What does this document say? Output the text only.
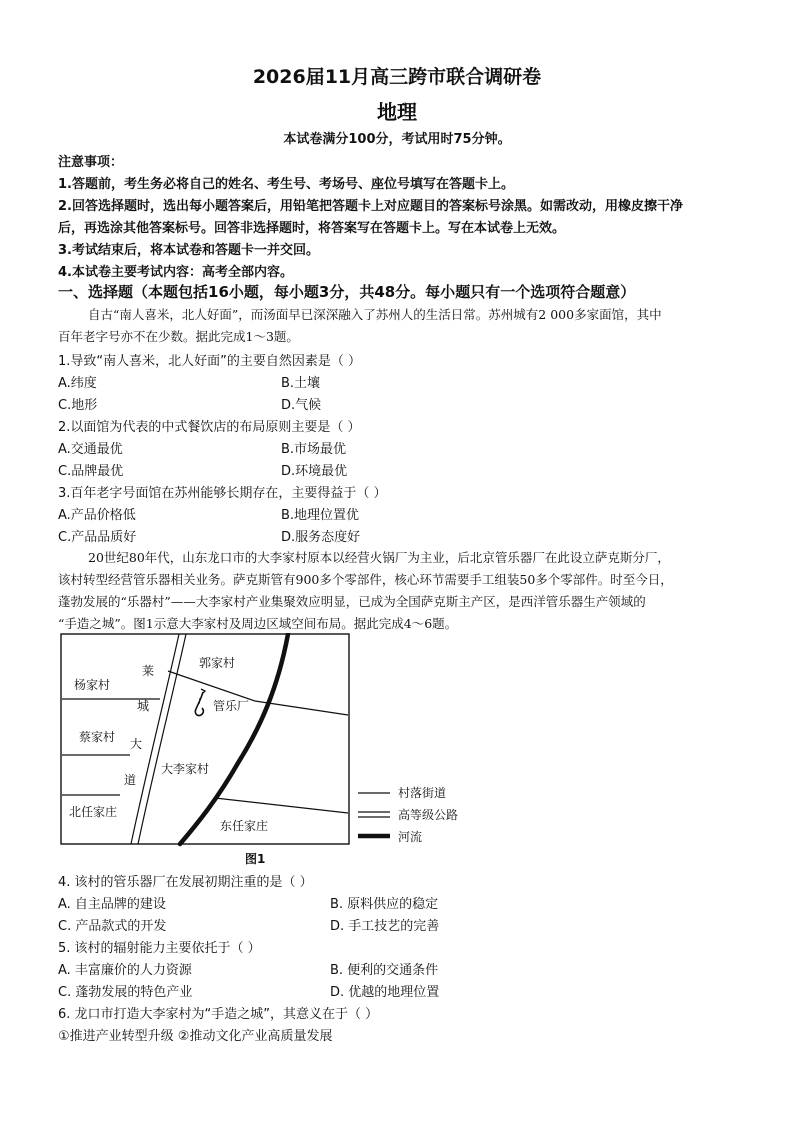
2026届11月高三跨市联合调研卷
地理
本试卷满分100分，考试用时75分钟。
注意事项：
1.答题前，考生务必将自己的姓名、考生号、考场号、座位号填写在答题卡上。
2.回答选择题时，选出每小题答案后，用铅笔把答题卡上对应题目的答案标号涂黑。如需改动，用橡皮擦干净
后，再选涂其他答案标号。回答非选择题时，将答案写在答题卡上。写在本试卷上无效。
3.考试结束后，将本试卷和答题卡一并交回。
4.本试卷主要考试内容：高考全部内容。
一、选择题（本题包括16小题，每小题3分，共48分。每小题只有一个选项符合题意）
自古“南人喜米，北人好面”，而汤面早已深深融入了苏州人的生活日常。苏州城有2 000多家面馆，其中
百年老字号亦不在少数。据此完成1～3题。
1.导致“南人喜米，北人好面”的主要自然因素是（ ）
A.纬度	B.土壤
C.地形	D.气候
2.以面馆为代表的中式餐饮店的布局原则主要是（ ）
A.交通最优	B.市场最优
C.品牌最优	D.环境最优
3.百年老字号面馆在苏州能够长期存在，主要得益于（ ）
A.产品价格低	B.地理位置优
C.产品品质好	D.服务态度好
20世纪80年代，山东龙口市的大李家村原本以经营火锅厂为主业，后北京管乐器厂在此设立萨克斯分厂，
该村转型经营管乐器相关业务。萨克斯管有900多个零部件，核心环节需要手工组装50多个零部件。时至今日，
蓬勃发展的“乐器村”——大李家村产业集聚效应明显，已成为全国萨克斯主产区，是西洋管乐器生产领域的
“手造之城”。图1示意大李家村及周边区域空间布局。据此完成4～6题。
杨家村
莱
城
大
道
郭家村
管乐厂
蔡家村
大李家村
北任家庄
东任家庄
村落街道
高等级公路
河流
图1
4. 该村的管乐器厂在发展初期注重的是（ ）
A. 自主品牌的建设	B. 原料供应的稳定
C. 产品款式的开发	D. 手工技艺的完善
5. 该村的辐射能力主要依托于（ ）
A. 丰富廉价的人力资源	B. 便利的交通条件
C. 蓬勃发展的特色产业	D. 优越的地理位置
6. 龙口市打造大李家村为“手造之城”，其意义在于（ ）
①推进产业转型升级 ②推动文化产业高质量发展
